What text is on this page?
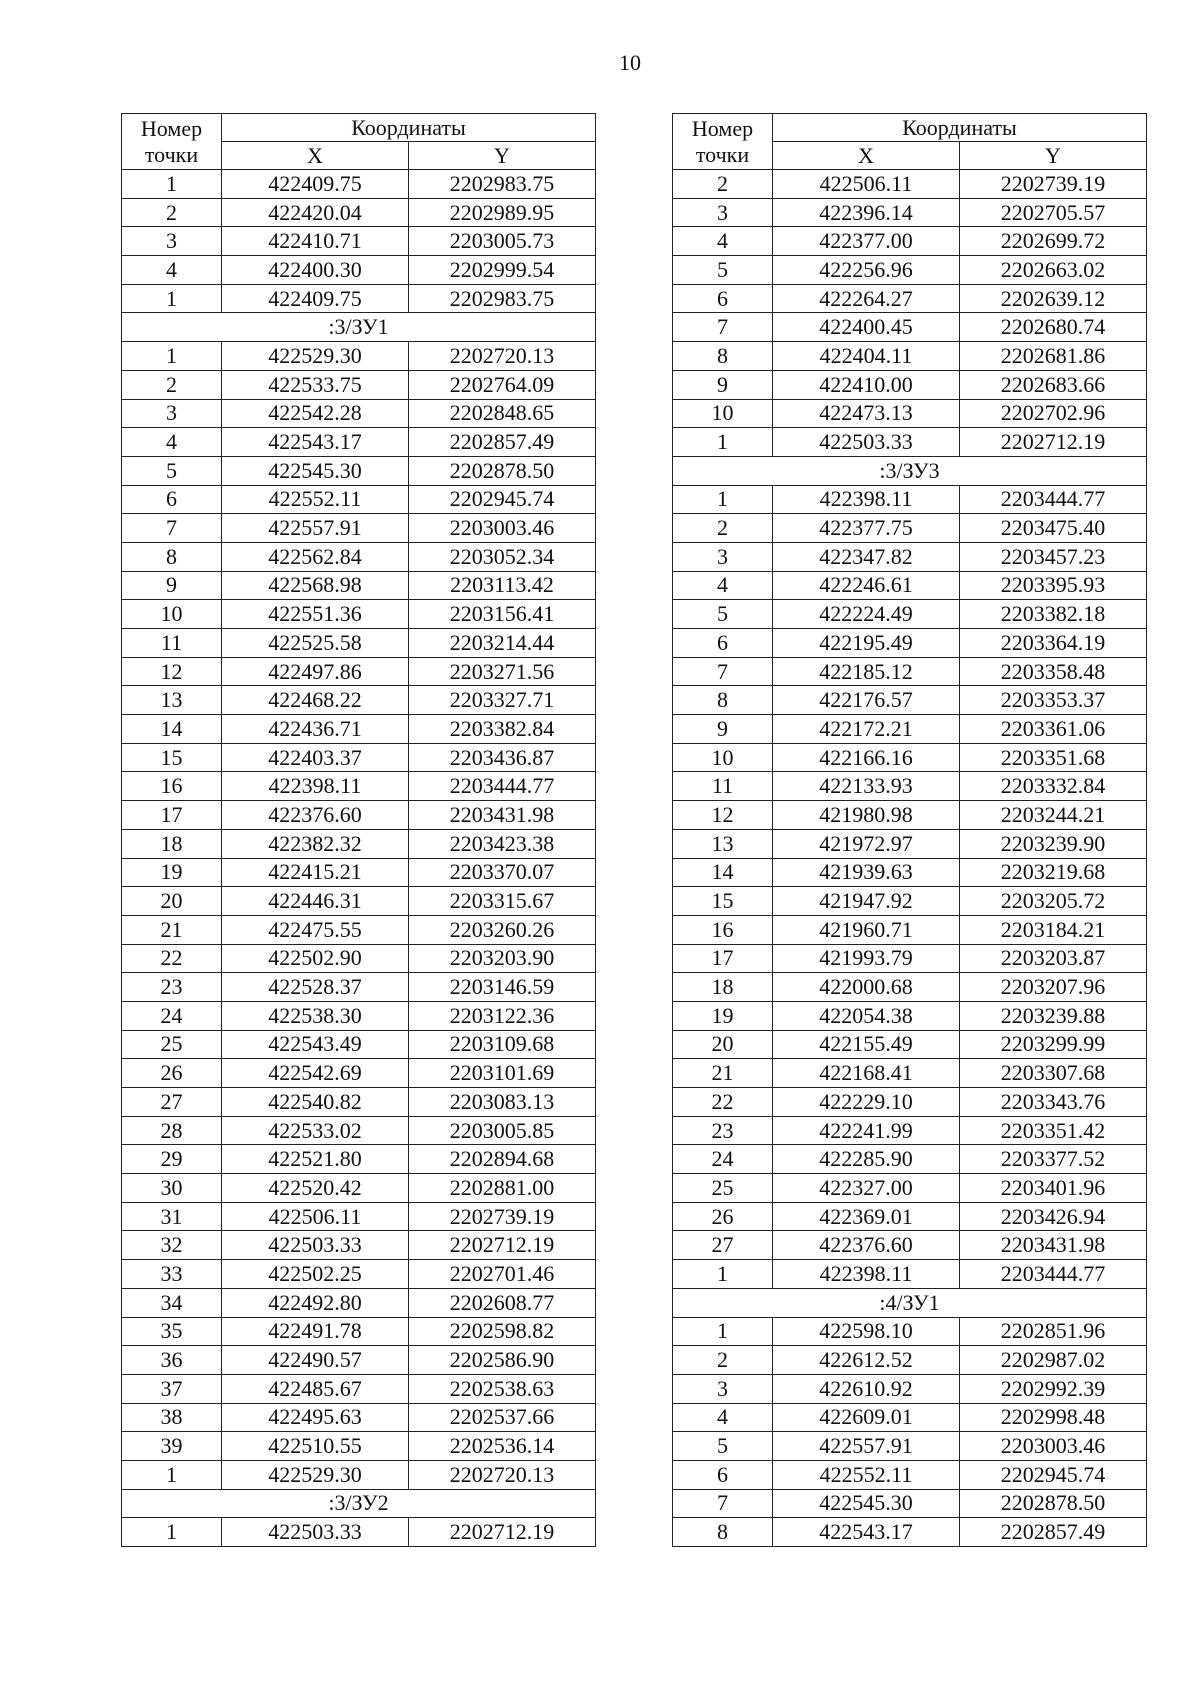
10
Номер
точки	Координаты	
	X	Y
1	422409.75	2202983.75
2	422420.04	2202989.95
3	422410.71	2203005.73
4	422400.30	2202999.54
1	422409.75	2202983.75
:3/ЗУ1		
1	422529.30	2202720.13
2	422533.75	2202764.09
3	422542.28	2202848.65
4	422543.17	2202857.49
5	422545.30	2202878.50
6	422552.11	2202945.74
7	422557.91	2203003.46
8	422562.84	2203052.34
9	422568.98	2203113.42
10	422551.36	2203156.41
11	422525.58	2203214.44
12	422497.86	2203271.56
13	422468.22	2203327.71
14	422436.71	2203382.84
15	422403.37	2203436.87
16	422398.11	2203444.77
17	422376.60	2203431.98
18	422382.32	2203423.38
19	422415.21	2203370.07
20	422446.31	2203315.67
21	422475.55	2203260.26
22	422502.90	2203203.90
23	422528.37	2203146.59
24	422538.30	2203122.36
25	422543.49	2203109.68
26	422542.69	2203101.69
27	422540.82	2203083.13
28	422533.02	2203005.85
29	422521.80	2202894.68
30	422520.42	2202881.00
31	422506.11	2202739.19
32	422503.33	2202712.19
33	422502.25	2202701.46
34	422492.80	2202608.77
35	422491.78	2202598.82
36	422490.57	2202586.90
37	422485.67	2202538.63
38	422495.63	2202537.66
39	422510.55	2202536.14
1	422529.30	2202720.13
:3/ЗУ2		
1	422503.33	2202712.19
Номер
точки	Координаты	
	X	Y
2	422506.11	2202739.19
3	422396.14	2202705.57
4	422377.00	2202699.72
5	422256.96	2202663.02
6	422264.27	2202639.12
7	422400.45	2202680.74
8	422404.11	2202681.86
9	422410.00	2202683.66
10	422473.13	2202702.96
1	422503.33	2202712.19
:3/ЗУ3		
1	422398.11	2203444.77
2	422377.75	2203475.40
3	422347.82	2203457.23
4	422246.61	2203395.93
5	422224.49	2203382.18
6	422195.49	2203364.19
7	422185.12	2203358.48
8	422176.57	2203353.37
9	422172.21	2203361.06
10	422166.16	2203351.68
11	422133.93	2203332.84
12	421980.98	2203244.21
13	421972.97	2203239.90
14	421939.63	2203219.68
15	421947.92	2203205.72
16	421960.71	2203184.21
17	421993.79	2203203.87
18	422000.68	2203207.96
19	422054.38	2203239.88
20	422155.49	2203299.99
21	422168.41	2203307.68
22	422229.10	2203343.76
23	422241.99	2203351.42
24	422285.90	2203377.52
25	422327.00	2203401.96
26	422369.01	2203426.94
27	422376.60	2203431.98
1	422398.11	2203444.77
:4/ЗУ1		
1	422598.10	2202851.96
2	422612.52	2202987.02
3	422610.92	2202992.39
4	422609.01	2202998.48
5	422557.91	2203003.46
6	422552.11	2202945.74
7	422545.30	2202878.50
8	422543.17	2202857.49
